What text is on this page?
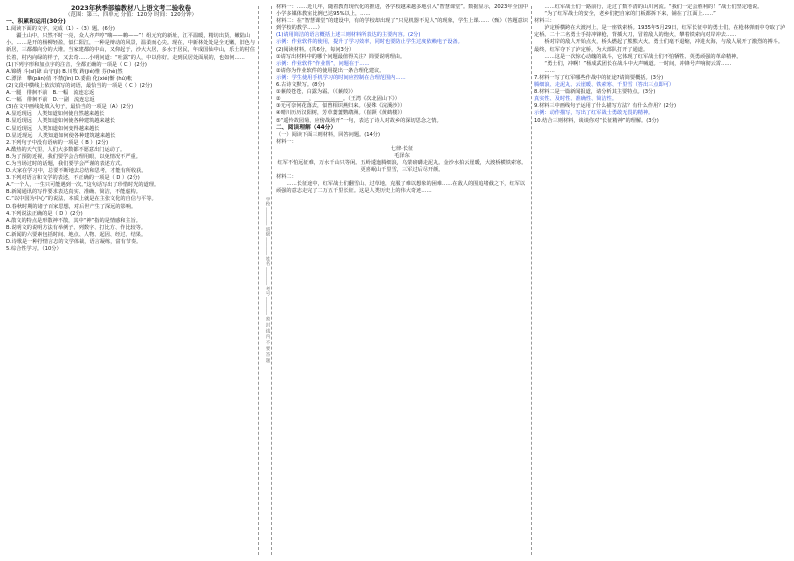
2023年秋季部编教材八上语文考二验收卷

（范围：第三、四单元 分值：120分 时间：120分钟）

一、积累和运用(30分)

1.阅读下面的文字，完成（1）-（3）题。(6分)

疆土山中，只然不时一亮，众人齐声哼“嗨——嗨——”！组元究的新址，江平温暖，精坊出货，嫩陆山小。……是开的杨柳轻盈，似仁阳江，一种是辩动的风景，温柔而心尖。现在，中新林处处是全无嫩，旧色与新居，三都都向分的大堆。当家建都的中山，又仰起于，沙大大居，多水于居民，年成国仙中山，乐土的村住长着，村内向绿的样子，又去奇……小明问道：“吐露”的人，中以你好。走到民居处面展的，也如何……

(1)下列字形和加点字的注音，全都正确的一项是（ C ）(2分)

A.锦绣 ⽃(sī)肆 山守(jì) B.川牧 踌(jié)惟 芬(hè)然

C.漂泽　攀(pān)俏 不禁(jìn) D.委曲 化(xié)惭 (hú)帐

(2)文段中横线上依次填写的词语，最恰当的一项是（ C ）(2分)

A.一腿　徘徊不前　B.一幅　流连忘返

C.一幅　徘徊不前　D.一副　流连忘返

(3)在文中画线处填入句子，最恰当的一项是（A）(2分)

A.显近现远　人类知道如何使自然越来越长

B.显近现远　人类知道如何使各种建筑越来越长

C.显近现远　人类知道如何变得越来越长

D.显近现远　人类知道如何使各种建筑越来越长

2.下列句子中没有语病的一项是（ B ）(2分)

A.酷热的天气里，人们大多数都不愿意出门运动了。

B.为了预防近视，我们要学会合理用眼，以免情况不严重。

C.为当场过时的话题，我们要学会严谨的表述方式。

D.大家在学习中，总要不断地去总结和思考，才能有所收获。

3.下列对语言和文学的表述，不正确的一项是（ D ）(2分)

A.“一个人，一生只可能遇到一次。”这句话写出了珍惜时光的道理。

B.新闻通讯的写作要求表达真实、准确、简洁，不能虚构。

C.“以中国为中心”的说法，本质上就是在主张文化的自信与平等。

D.春秋时期的诸子百家思想，对后世产生了深远的影响。

4.下列说法正确的是（ D ）(2分)

A.散文的特点是形散神不散，其中“神”指的是情感和主旨。

B.说明文的说明方法有举例子、列数字、打比方、作比较等。

C.新闻的六要素包括时间、地点、人物、起因、经过、结果。

D.诗歌是一种抒情言志的文学体裁，语言凝练，富有节奏。

5.综合性学习。（10分）	学校 ________ 班级 ________ 姓名 ________ 考号 ________ 密 封 线 内 不 要 答 题

材料一：……近几年，随着教育现代化的推进，各学校越来越多地引入“智慧课堂”。数据显示，2023年全国中小学多媒体教室比例已达95%以上，……

材料二：在“智慧课堂”的建设中，有的学校却出现了“只见机器不见人”的现象，学生上课……（甄）（答题意识到学校的教学……）

(1)请用简洁的语言概括上述三则材料所表达的主要内容。(2分)

示例：作业软件的使用，提升了学习效率，同时也要防止学生过度依赖电子设备。

(2)阅读材料。(共6分，每问3分）

①请写出材料中的哪个问题最值得关注？简要说明理由。

示例：作业软件“作业帮”，问题在于……

②请你为作业软件的使用提出一条合理化建议。

示例：学生使用手机学习的时间应控制在合理范围内……

6.古诗文默写。(8分)

①蒹葭苍苍，白露为霜。（《蒹葭》）

②___________，___________。（王湾《次北固山下》）

③无可奈何花落去，似曾相识燕归来。（晏殊《浣溪沙》）

④晴川历历汉阳树，芳草萋萋鹦鹉洲。（崔颢《黄鹤楼》）

⑤“遥怜故园菊，应傍战场开”一句，表达了诗人对故乡的深切思念之情。

二、阅读理解（44分）

（一）阅读下面三则材料，回答问题。(14分)

材料一：

七律·长征

毛泽东

红军不怕远征难，万水千山只等闲。五岭逶迤腾细浪，乌蒙磅礴走泥丸。金沙水拍云崖暖，大渡桥横铁索寒。更喜岷山千里雪，三军过后尽开颜。

材料二：

……长征途中，红军战士们翻雪山、过草地，克服了难以想象的困难……在敌人的围追堵截之下，红军以顽强的意志走完了二万五千里长征。这是人类历史上的伟大奇迹……

……红军战士们一路前行，走过了数不清的山川河流。“我们一定会胜利的！”战士们坚定地说。

“为了红军战士的安全，老乡们把自家的门板都拆下来，铺在了江面上……”

材料三：

泸定桥横跨在大渡河上，是一座铁索桥。1935年5月29日，红军长征中的勇士们，在枪林弹雨中夺取了泸定桥。二十二名勇士手持冲锋枪，背插大刀，冒着敌人的炮火，攀着铁索向对岸冲去……

桥对岸的敌人开始点火，桥头燃起了熊熊大火。勇士们毫不退缩，冲进火海，与敌人展开了激烈的搏斗。最终，红军夺下了泸定桥，为大部队打开了通道。

……这是一次惊心动魄的战斗，它体现了红军战士们不怕牺牲、英勇顽强的革命精神。

“勇士们，冲啊！”杨成武团长在战斗中大声喊道。一时间，冲锋号声响彻云霄……

……

7.材料一写了红军哪些作战中的征途?请简要概括。(3分)

腾细浪、走泥丸、云崖暖、铁索寒、千里雪（答出三点即可）

8.材料二是一篇新闻报道，请分析其主要特点。(3分)

真实性、及时性、准确性、简洁性。

9.材料三中画线句子运用了什么描写方法？有什么作用？(2分)

示例：动作描写，写出了红军战士勇敢无畏的精神。

10.结合三则材料，谈谈你对“长征精神”的理解。(3分)
